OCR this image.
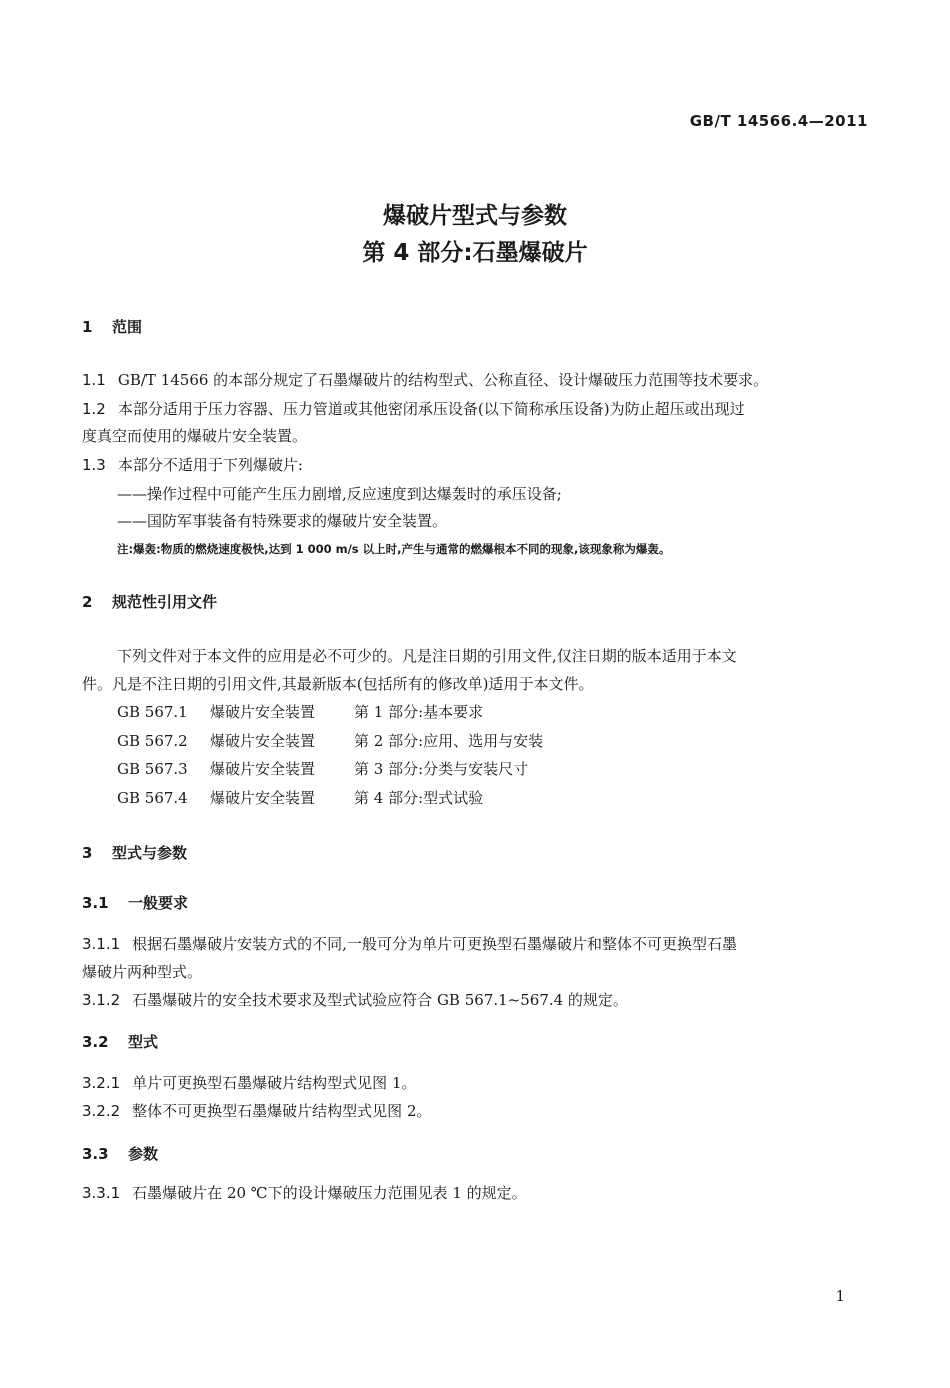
GB/T 14566.4—2011
爆破片型式与参数
第 4 部分:石墨爆破片
1 范围
1.1 GB/T 14566 的本部分规定了石墨爆破片的结构型式、公称直径、设计爆破压力范围等技术要求。
1.2 本部分适用于压力容器、压力管道或其他密闭承压设备(以下简称承压设备)为防止超压或出现过
度真空而使用的爆破片安全装置。
1.3 本部分不适用于下列爆破片:
——操作过程中可能产生压力剧增,反应速度到达爆轰时的承压设备;
——国防军事装备有特殊要求的爆破片安全装置。
注:爆轰:物质的燃烧速度极快,达到 1 000 m/s 以上时,产生与通常的燃爆根本不同的现象,该现象称为爆轰。
2 规范性引用文件
下列文件对于本文件的应用是必不可少的。凡是注日期的引用文件,仅注日期的版本适用于本文
件。凡是不注日期的引用文件,其最新版本(包括所有的修改单)适用于本文件。
GB 567.1 爆破片安全装置	第 1 部分:基本要求
GB 567.2 爆破片安全装置	第 2 部分:应用、选用与安装
GB 567.3 爆破片安全装置	第 3 部分:分类与安装尺寸
GB 567.4 爆破片安全装置	第 4 部分:型式试验
3 型式与参数
3.1 一般要求
3.1.1 根据石墨爆破片安装方式的不同,一般可分为单片可更换型石墨爆破片和整体不可更换型石墨
爆破片两种型式。
3.1.2 石墨爆破片的安全技术要求及型式试验应符合 GB 567.1~567.4 的规定。
3.2 型式
3.2.1 单片可更换型石墨爆破片结构型式见图 1。
3.2.2 整体不可更换型石墨爆破片结构型式见图 2。
3.3 参数
3.3.1 石墨爆破片在 20 ℃下的设计爆破压力范围见表 1 的规定。
1
